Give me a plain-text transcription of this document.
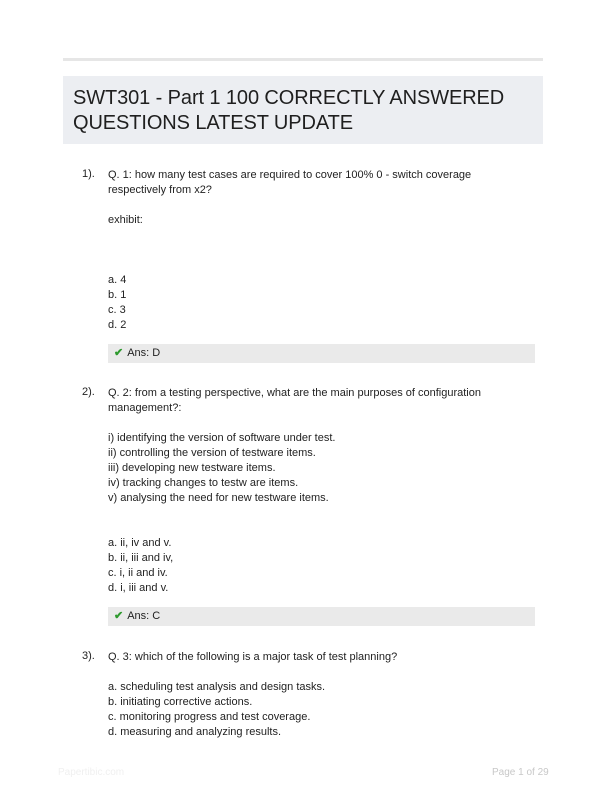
SWT301 - Part 1 100 CORRECTLY ANSWERED QUESTIONS LATEST UPDATE
1). Q. 1: how many test cases are required to cover 100% 0 - switch coverage respectively from x2?

exhibit:

a. 4

b. 1

c. 3

d. 2

✔ Ans: D
2). Q. 2: from a testing perspective, what are the main purposes of configuration management?:

i) identifying the version of software under test.

ii) controlling the version of testware items.

iii) developing new testware items.

iv) tracking changes to testw are items.

v) analysing the need for new testware items.

a. ii, iv and v.

b. ii, iii and iv,

c. i, ii and iv.

d. i, iii and v.

✔ Ans: C
3). Q. 3: which of the following is a major task of test planning?

a. scheduling test analysis and design tasks.

b. initiating corrective actions.

c. monitoring progress and test coverage.

d. measuring and analyzing results.

Papertibic.com	Page 1 of 29
